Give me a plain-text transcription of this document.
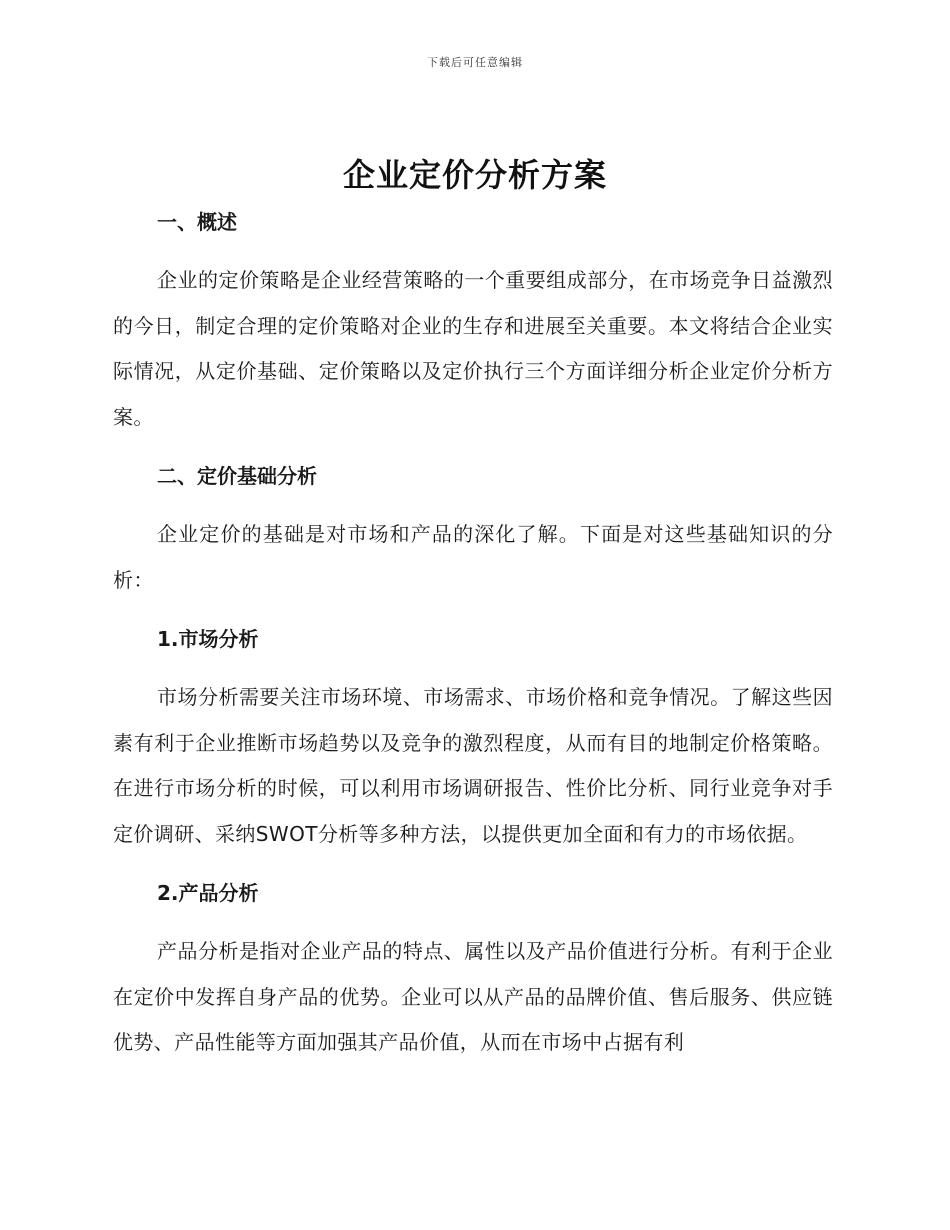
下载后可任意编辑
企业定价分析方案
一、概述

企业的定价策略是企业经营策略的一个重要组成部分，在市场竞争日益激烈的今日，制定合理的定价策略对企业的生存和进展至关重要。本文将结合企业实际情况，从定价基础、定价策略以及定价执行三个方面详细分析企业定价分析方案。

二、定价基础分析

企业定价的基础是对市场和产品的深化了解。下面是对这些基础知识的分析：

1.市场分析

市场分析需要关注市场环境、市场需求、市场价格和竞争情况。了解这些因素有利于企业推断市场趋势以及竞争的激烈程度，从而有目的地制定价格策略。在进行市场分析的时候，可以利用市场调研报告、性价比分析、同行业竞争对手定价调研、采纳SWOT分析等多种方法，以提供更加全面和有力的市场依据。

2.产品分析

产品分析是指对企业产品的特点、属性以及产品价值进行分析。有利于企业在定价中发挥自身产品的优势。企业可以从产品的品牌价值、售后服务、供应链优势、产品性能等方面加强其产品价值，从而在市场中占据有利
